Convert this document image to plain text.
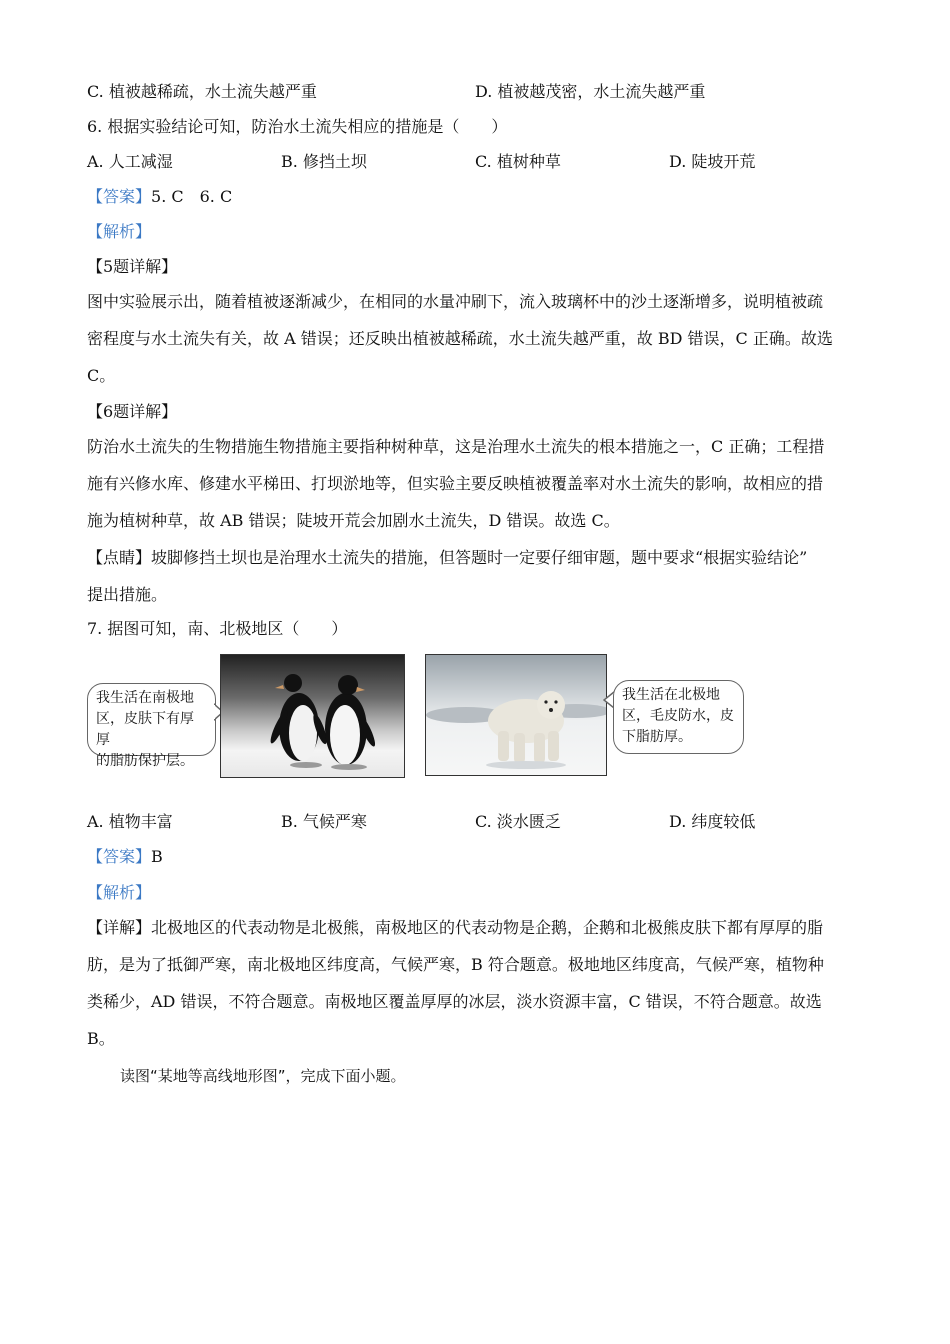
C. 植被越稀疏，水土流失越严重	D. 植被越茂密，水土流失越严重
6. 根据实验结论可知，防治水土流失相应的措施是（　　）
A. 人工减湿	B. 修挡土坝	C. 植树种草	D. 陡坡开荒
【答案】5. C　6. C
【解析】
【5题详解】
图中实验展示出，随着植被逐渐减少，在相同的水量冲刷下，流入玻璃杯中的沙土逐渐增多，说明植被疏
密程度与水土流失有关，故 A 错误；还反映出植被越稀疏，水土流失越严重，故 BD 错误，C 正确。故选
C。
【6题详解】
防治水土流失的生物措施生物措施主要指种树种草，这是治理水土流失的根本措施之一，C 正确；工程措
施有兴修水库、修建水平梯田、打坝淤地等，但实验主要反映植被覆盖率对水土流失的影响，故相应的措
施为植树种草，故 AB 错误；陡坡开荒会加剧水土流失，D 错误。故选 C。
【点睛】坡脚修挡土坝也是治理水土流失的措施，但答题时一定要仔细审题，题中要求“根据实验结论”
提出措施。
7. 据图可知，南、北极地区（　　）
我生活在南极地
区，皮肤下有厚厚
的脂肪保护层。
我生活在北极地
区，毛皮防水，皮
下脂肪厚。
A. 植物丰富	B. 气候严寒	C. 淡水匮乏	D. 纬度较低
【答案】B
【解析】
【详解】北极地区的代表动物是北极熊，南极地区的代表动物是企鹅，企鹅和北极熊皮肤下都有厚厚的脂
肪，是为了抵御严寒，南北极地区纬度高，气候严寒，B 符合题意。极地地区纬度高，气候严寒，植物种
类稀少，AD 错误，不符合题意。南极地区覆盖厚厚的冰层，淡水资源丰富，C 错误，不符合题意。故选
B。
读图“某地等高线地形图”，完成下面小题。
